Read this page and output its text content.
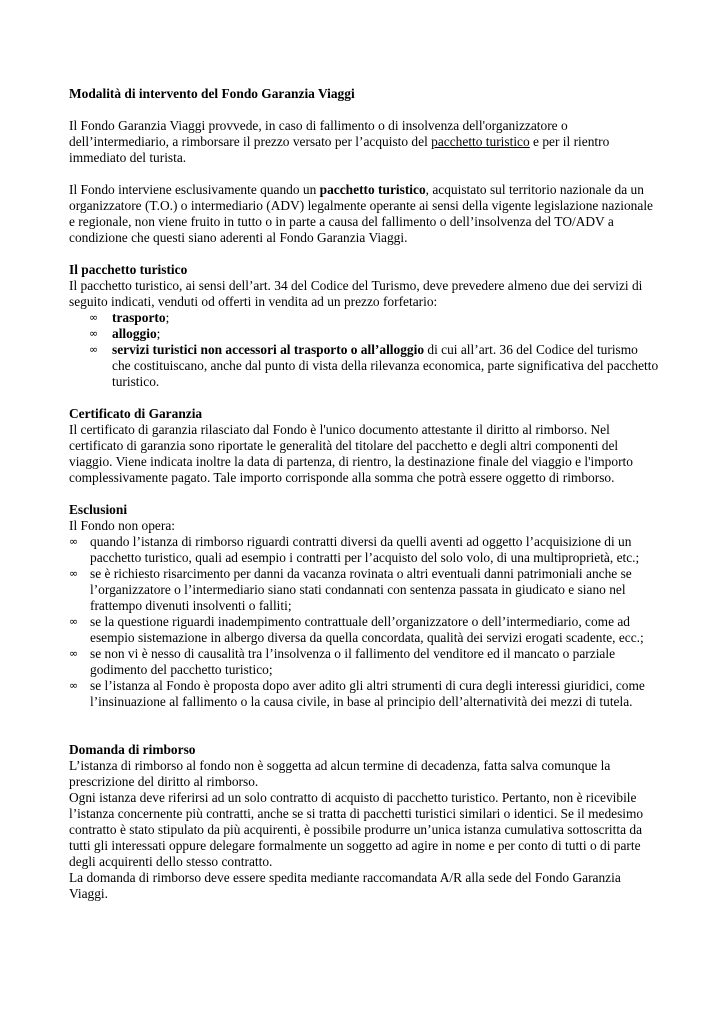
Modalità di intervento del Fondo Garanzia Viaggi

Il Fondo Garanzia Viaggi provvede, in caso di fallimento o di insolvenza dell'organizzatore o dell’intermediario, a rimborsare il prezzo versato per l’acquisto del pacchetto turistico e per il rientro immediato del turista.

Il Fondo interviene esclusivamente quando un pacchetto turistico, acquistato sul territorio nazionale da un organizzatore (T.O.) o intermediario (ADV) legalmente operante ai sensi della vigente legislazione nazionale e regionale, non viene fruito in tutto o in parte a causa del fallimento o dell’insolvenza del TO/ADV a condizione che questi siano aderenti al Fondo Garanzia Viaggi.

Il pacchetto turistico

Il pacchetto turistico, ai sensi dell’art. 34 del Codice del Turismo, deve prevedere almeno due dei servizi di seguito indicati, venduti od offerti in vendita ad un prezzo forfetario:

∞ trasporto;
∞ alloggio;
∞ servizi turistici non accessori al trasporto o all’alloggio di cui all’art. 36 del Codice del turismo che costituiscano, anche dal punto di vista della rilevanza economica, parte significativa del pacchetto turistico.

Certificato di Garanzia

Il certificato di garanzia rilasciato dal Fondo è l'unico documento attestante il diritto al rimborso. Nel certificato di garanzia sono riportate le generalità del titolare del pacchetto e degli altri componenti del viaggio. Viene indicata inoltre la data di partenza, di rientro, la destinazione finale del viaggio e l'importo complessivamente pagato. Tale importo corrisponde alla somma che potrà essere oggetto di rimborso.

Esclusioni

Il Fondo non opera:

∞ quando l’istanza di rimborso riguardi contratti diversi da quelli aventi ad oggetto l’acquisizione di un pacchetto turistico, quali ad esempio i contratti per l’acquisto del solo volo, di una multiproprietà, etc.;
∞ se è richiesto risarcimento per danni da vacanza rovinata o altri eventuali danni patrimoniali anche se l’organizzatore o l’intermediario siano stati condannati con sentenza passata in giudicato e siano nel frattempo divenuti insolventi o falliti;
∞ se la questione riguardi inadempimento contrattuale dell’organizzatore o dell’intermediario, come ad esempio sistemazione in albergo diversa da quella concordata, qualità dei servizi erogati scadente, ecc.;
∞ se non vi è nesso di causalità tra l’insolvenza o il fallimento del venditore ed il mancato o parziale godimento del pacchetto turistico;
∞ se l’istanza al Fondo è proposta dopo aver adito gli altri strumenti di cura degli interessi giuridici, come l’insinuazione al fallimento o la causa civile, in base al principio dell’alternatività dei mezzi di tutela.

Domanda di rimborso

L’istanza di rimborso al fondo non è soggetta ad alcun termine di decadenza, fatta salva comunque la prescrizione del diritto al rimborso.

Ogni istanza deve riferirsi ad un solo contratto di acquisto di pacchetto turistico. Pertanto, non è ricevibile l’istanza concernente più contratti, anche se si tratta di pacchetti turistici similari o identici. Se il medesimo contratto è stato stipulato da più acquirenti, è possibile produrre un’unica istanza cumulativa sottoscritta da tutti gli interessati oppure delegare formalmente un soggetto ad agire in nome e per conto di tutti o di parte degli acquirenti dello stesso contratto.

La domanda di rimborso deve essere spedita mediante raccomandata A/R alla sede del Fondo Garanzia Viaggi.
